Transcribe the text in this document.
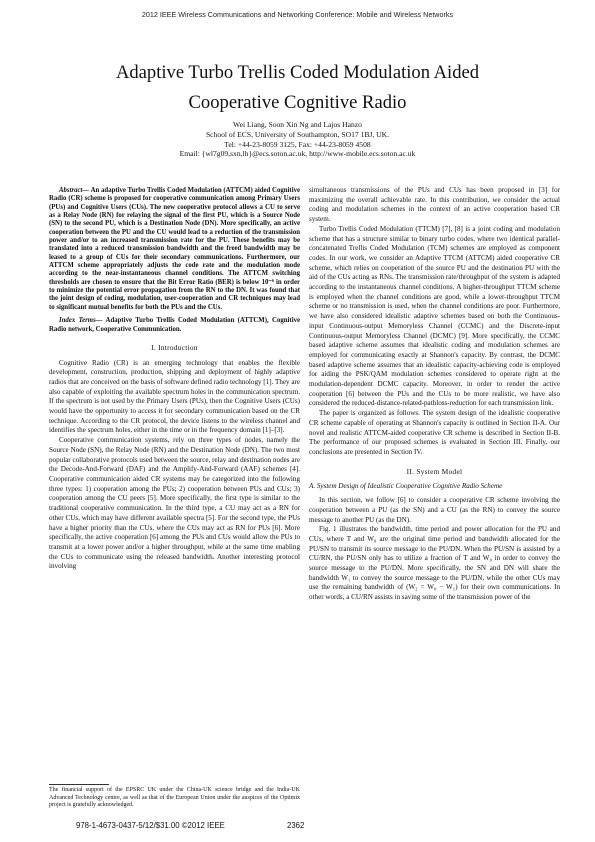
2012 IEEE Wireless Communications and Networking Conference: Mobile and Wireless Networks
Adaptive Turbo Trellis Coded Modulation Aided
Cooperative Cognitive Radio
Wei Liang, Soon Xin Ng and Lajos Hanzo
School of ECS, University of Southampton, SO17 1BJ, UK.
Tel: +44-23-8059 3125, Fax: +44-23-8059 4508
Email: {wl7g09,sxn,lh}@ecs.soton.ac.uk, http://www-mobile.ecs.soton.ac.uk

Abstract— An adaptive Turbo Trellis Coded Modulation (ATTCM) aided Cognitive Radio (CR) scheme is proposed for cooperative communication among Primary Users (PUs) and Cognitive Users (CUs). The new cooperative protocol allows a CU to serve as a Relay Node (RN) for relaying the signal of the first PU, which is a Source Node (SN) to the second PU, which is a Destination Node (DN). More specifically, an active cooperation between the PU and the CU would lead to a reduction of the transmission power and/or to an increased transmission rate for the PU. These benefits may be translated into a reduced transmission bandwidth and the freed bandwidth may be leased to a group of CUs for their secondary communications. Furthermore, our ATTCM scheme appropriately adjusts the code rate and the modulation mode according to the near-instantaneous channel conditions. The ATTCM switching thresholds are chosen to ensure that the Bit Error Ratio (BER) is below 10⁻⁶ in order to minimize the potential error propagation from the RN to the DN. It was found that the joint design of coding, modulation, user-cooperation and CR techniques may lead to significant mutual benefits for both the PUs and the CUs.

Index Terms— Adaptive Turbo Trellis Coded Modulation (ATTCM), Cognitive Radio network, Cooperative Communication.

I. Introduction

Cognitive Radio (CR) is an emerging technology that enables the flexible development, construction, production, shipping and deployment of highly adaptive radios that are conceived on the basis of software defined radio technology [1]. They are also capable of exploiting the available spectrum holes in the communication spectrum. If the spectrum is not used by the Primary Users (PUs), then the Cognitive Users (CUs) would have the opportunity to access it for secondary communication based on the CR technique. According to the CR protocol, the device listens to the wireless channel and identifies the spectrum holes, either in the time or in the frequency domain [1]–[3].

Cooperative communication systems, rely on three types of nodes, namely the Source Node (SN), the Relay Node (RN) and the Destination Node (DN). The two most popular collaborative protocols used between the source, relay and destination nodes are the Decode-And-Forward (DAF) and the Amplify-And-Forward (AAF) schemes [4]. Cooperative communication aided CR systems may be categorized into the following three types: 1) cooperation among the PUs; 2) cooperation between PUs and CUs; 3) cooperation among the CU peers [5]. More specifically, the first type is similar to the traditional cooperative communication. In the third type, a CU may act as a RN for other CUs, which may have different available spectra [5]. For the second type, the PUs have a higher priority than the CUs, where the CUs may act as RN for PUs [6]. More specifically, the active cooperation [6] among the PUs and CUs would allow the PUs to transmit at a lower power and/or a higher throughput, while at the same time enabling the CUs to communicate using the released bandwidth. Another interesting protocol involving

The financial support of the EPSRC UK under the China-UK science bridge and the India-UK Advanced Technology centre, as well as that of the European Union under the auspices of the Optimix project is gratefully acknowledged.

simultaneous transmissions of the PUs and CUs has been proposed in [3] for maximizing the overall achievable rate. In this contribution, we consider the actual coding and modulation schemes in the context of an active cooperation based CR system.

Turbo Trellis Coded Modulation (TTCM) [7], [8] is a joint coding and modulation scheme that has a structure similar to binary turbo codes, where two identical parallel-concatenated Trellis Coded Modulation (TCM) schemes are employed as component codes. In our work, we consider an Adaptive TTCM (ATTCM) aided cooperative CR scheme, which relies on cooperation of the source PU and the destination PU with the aid of the CUs acting as RNs. The transmission rate/throughput of the system is adapted according to the instantaneous channel conditions. A higher-throughput TTCM scheme is employed when the channel conditions are good, while a lower-throughput TTCM scheme or no transmission is used, when the channel conditions are poor. Furthermore, we have also considered idealistic adaptive schemes based on both the Continuous-input Continuous-output Memoryless Channel (CCMC) and the Discrete-input Continuous-output Memoryless Channel (DCMC) [9]. More specifically, the CCMC based adaptive scheme assumes that idealistic coding and modulation schemes are employed for communicating exactly at Shannon's capacity. By contrast, the DCMC based adaptive scheme assumes that an idealistic capacity-achieving code is employed for aiding the PSK/QAM modulation schemes considered to operate right at the modulation-dependent DCMC capacity. Moreover, in order to render the active cooperation [6] between the PUs and the CUs to be more realistic, we have also considered the reduced-distance-related-pathloss-reduction for each transmission link.

The paper is organized as follows. The system design of the idealistic cooperative CR scheme capable of operating at Shannon's capacity is outlined in Section II-A. Our novel and realistic ATTCM-aided cooperative CR scheme is described in Section II-B. The performance of our proposed schemes is evaluated in Section III. Finally, our conclusions are presented in Section IV.

II. System Model
A. System Design of Idealistic Cooperative Cognitive Radio Scheme

In this section, we follow [6] to consider a cooperative CR scheme involving the cooperation between a PU (as the SN) and a CU (as the RN) to convey the source message to another PU (as the DN).

Fig. 1 illustrates the bandwidth, time period and power allocation for the PU and CUs, where T and W₀ are the original time period and bandwidth allocated for the PU/SN to transmit its source message to the PU/DN. When the PU/SN is assisted by a CU/RN, the PU/SN only has to utilize a fraction of T and W₀ in order to convey the source message to the PU/DN. More specifically, the SN and DN will share the bandwidth W₁ to convey the source message to the PU/DN, while the other CUs may use the remaining bandwidth of (W₂ = W₀ − W₁) for their own communications. In other words, a CU/RN assists in saving some of the transmission power of the

978-1-4673-0437-5/12/$31.00 ©2012 IEEE	2362
